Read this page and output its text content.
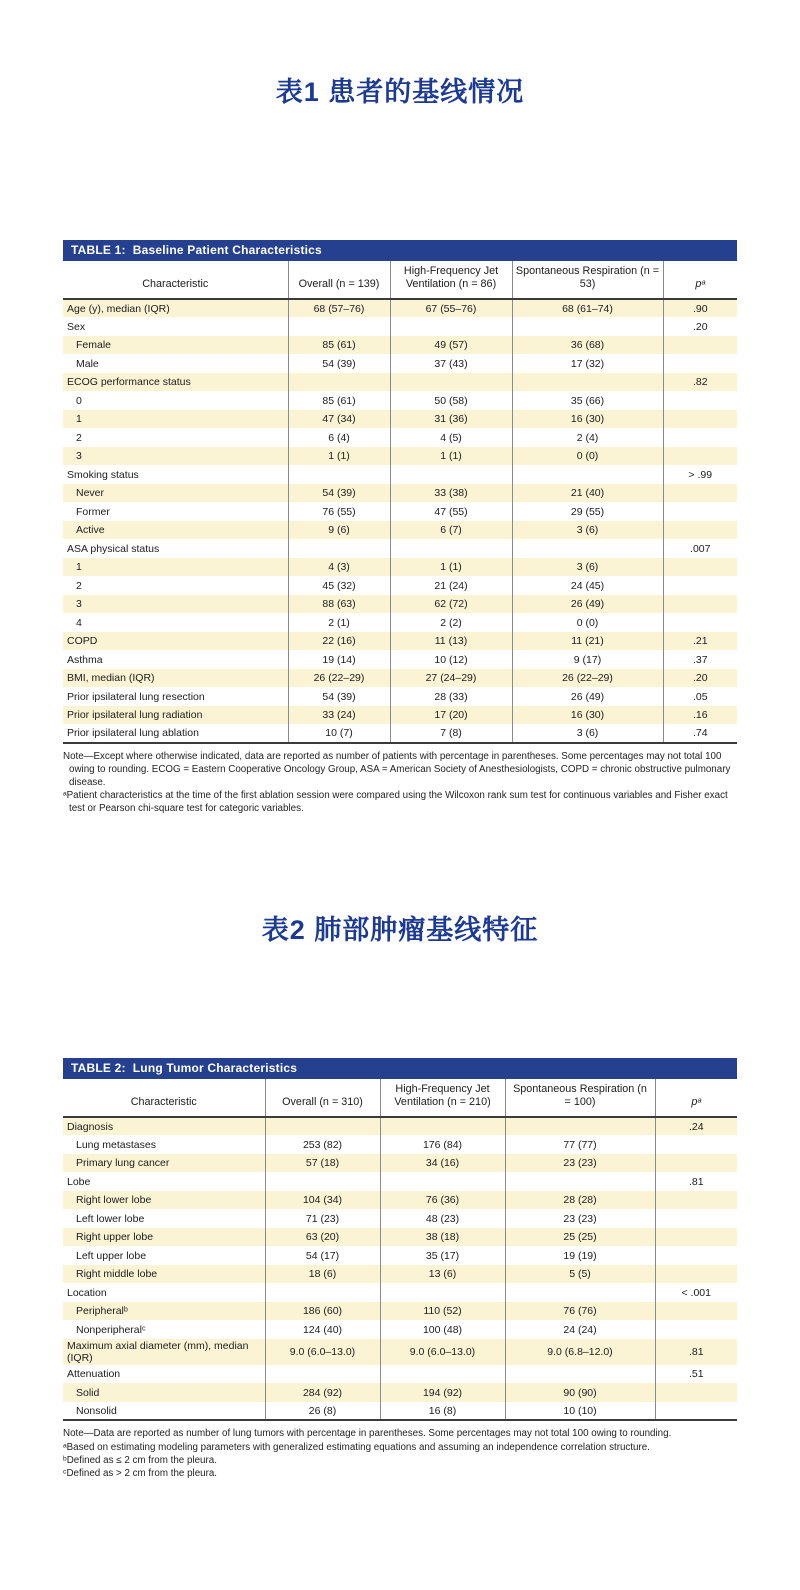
表1 患者的基线情况
TABLE 1:  Baseline Patient Characteristics
Characteristic	Overall (n = 139)	High-Frequency Jet Ventilation (n = 86)	Spontaneous Respiration (n = 53)	pᵃ
Age (y), median (IQR)	68 (57–76)	67 (55–76)	68 (61–74)	.90
Sex				.20
Female	85 (61)	49 (57)	36 (68)	
Male	54 (39)	37 (43)	17 (32)	
ECOG performance status				.82
0	85 (61)	50 (58)	35 (66)	
1	47 (34)	31 (36)	16 (30)	
2	6 (4)	4 (5)	2 (4)	
3	1 (1)	1 (1)	0 (0)	
Smoking status				> .99
Never	54 (39)	33 (38)	21 (40)	
Former	76 (55)	47 (55)	29 (55)	
Active	9 (6)	6 (7)	3 (6)	
ASA physical status				.007
1	4 (3)	1 (1)	3 (6)	
2	45 (32)	21 (24)	24 (45)	
3	88 (63)	62 (72)	26 (49)	
4	2 (1)	2 (2)	0 (0)	
COPD	22 (16)	11 (13)	11 (21)	.21
Asthma	19 (14)	10 (12)	9 (17)	.37
BMI, median (IQR)	26 (22–29)	27 (24–29)	26 (22–29)	.20
Prior ipsilateral lung resection	54 (39)	28 (33)	26 (49)	.05
Prior ipsilateral lung radiation	33 (24)	17 (20)	16 (30)	.16
Prior ipsilateral lung ablation	10 (7)	7 (8)	3 (6)	.74

Note—Except where otherwise indicated, data are reported as number of patients with percentage in parentheses. Some percentages may not total 100 owing to rounding. ECOG = Eastern Cooperative Oncology Group, ASA = American Society of Anesthesiologists, COPD = chronic obstructive pulmonary disease.

ᵃPatient characteristics at the time of the first ablation session were compared using the Wilcoxon rank sum test for continuous variables and Fisher exact test or Pearson chi-square test for categoric variables.

表2 肺部肿瘤基线特征
TABLE 2:  Lung Tumor Characteristics
Characteristic	Overall (n = 310)	High-Frequency Jet Ventilation (n = 210)	Spontaneous Respiration (n = 100)	pᵃ
Diagnosis				.24
Lung metastases	253 (82)	176 (84)	77 (77)	
Primary lung cancer	57 (18)	34 (16)	23 (23)	
Lobe				.81
Right lower lobe	104 (34)	76 (36)	28 (28)	
Left lower lobe	71 (23)	48 (23)	23 (23)	
Right upper lobe	63 (20)	38 (18)	25 (25)	
Left upper lobe	54 (17)	35 (17)	19 (19)	
Right middle lobe	18 (6)	13 (6)	5 (5)	
Location				< .001
Peripheralᵇ	186 (60)	110 (52)	76 (76)	
Nonperipheralᶜ	124 (40)	100 (48)	24 (24)	
Maximum axial diameter (mm), median (IQR)	9.0 (6.0–13.0)	9.0 (6.0–13.0)	9.0 (6.8–12.0)	.81
Attenuation				.51
Solid	284 (92)	194 (92)	90 (90)	
Nonsolid	26 (8)	16 (8)	10 (10)	

Note—Data are reported as number of lung tumors with percentage in parentheses. Some percentages may not total 100 owing to rounding.

ᵃBased on estimating modeling parameters with generalized estimating equations and assuming an independence correlation structure.

ᵇDefined as ≤ 2 cm from the pleura.

ᶜDefined as > 2 cm from the pleura.
